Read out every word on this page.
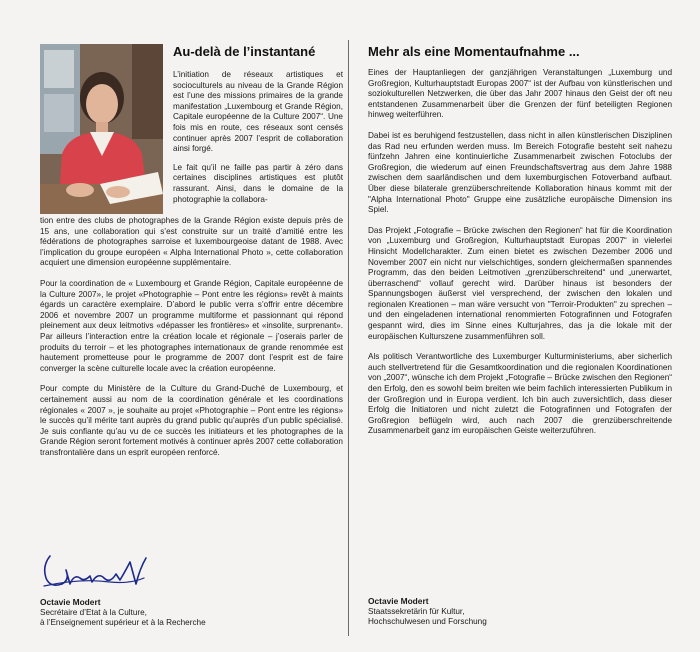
Au-delà de l’instantané

L’initiation de réseaux artistiques et socioculturels au niveau de la Grande Région est l’une des missions primaires de la grande manifestation „Luxembourg et Grande Région, Capitale européenne de la Culture 2007“. Une fois mis en route, ces réseaux sont censés continuer après 2007 l’esprit de collaboration ainsi forgé.

Le fait qu’il ne faille pas partir à zéro dans certaines disciplines artistiques est plutôt rassurant. Ainsi, dans le domaine de la photographie la collabora-

tion entre des clubs de photographes de la Grande Région existe depuis près de 15 ans, une collaboration qui s’est construite sur un traité d’amitié entre les fédérations de photographes sarroise et luxembourgeoise datant de 1988. Avec l’implication du groupe européen « Alpha International Photo », cette collaboration acquiert une dimension européenne supplémentaire.

Pour la coordination de « Luxembourg et Grande Région, Capitale européenne de la Culture 2007», le projet «Photographie – Pont entre les régions» revêt à maints égards un caractère exemplaire. D’abord le public verra s’offrir entre décembre 2006 et novembre 2007 un programme multiforme et passionnant qui répond pleinement aux deux leitmotivs «dépasser les frontières» et «insolite, surprenant». Par ailleurs l’interaction entre la création locale et régionale – j’oserais parler de produits du terroir – et les photographes internationaux de grande renommée est hautement prometteuse pour le programme de 2007 dont l’esprit est de faire converger la scène culturelle locale avec la création européenne.

Pour compte du Ministère de la Culture du Grand-Duché de Luxembourg, et certainement aussi au nom de la coordination générale et les coordinations régionales « 2007 », je souhaite au projet «Photographie – Pont entre les régions» le succès qu’il mérite tant auprès du grand public qu’auprès d’un public spécialisé. Je suis confiante qu’au vu de ce succès les initiateurs et les photographes de la Grande Région seront fortement motivés à continuer après 2007 cette collaboration transfrontalière dans un esprit européen renforcé.

Octavie Modert
Secrétaire d’Etat à la Culture,
à l’Enseignement supérieur et à la Recherche
Mehr als eine Momentaufnahme ...

Eines der Hauptanliegen der ganzjährigen Veranstaltungen „Luxemburg und Großregion, Kulturhauptstadt Europas 2007“ ist der Aufbau von künstlerischen und soziokulturellen Netzwerken, die über das Jahr 2007 hinaus den Geist der oft neu entstandenen Zusammenarbeit über die Grenzen der fünf beteiligten Regionen hinweg weiterführen.

Dabei ist es beruhigend festzustellen, dass nicht in allen künstlerischen Disziplinen das Rad neu erfunden werden muss. Im Bereich Fotografie besteht seit nahezu fünfzehn Jahren eine kontinuierliche Zusammenarbeit zwischen Fotoclubs der Großregion, die wiederum auf einen Freundschaftsvertrag aus dem Jahre 1988 zwischen dem saarländischen und dem luxemburgischen Fotoverband aufbaut. Über diese bilaterale grenzüberschreitende Kollaboration hinaus kommt mit der "Alpha International Photo" Gruppe eine zusätzliche europäische Dimension ins Spiel.

Das Projekt „Fotografie – Brücke zwischen den Regionen“ hat für die Koordination von „Luxemburg und Großregion, Kulturhauptstadt Europas 2007“ in vielerlei Hinsicht Modellcharakter. Zum einen bietet es zwischen Dezember 2006 und November 2007 ein nicht nur vielschichtiges, sondern gleichermaßen spannendes Programm, das den beiden Leitmotiven „grenzüberschreitend“ und „unerwartet, überraschend“ vollauf gerecht wird. Darüber hinaus ist besonders der Spannungsbogen äußerst viel versprechend, der zwischen den lokalen und regionalen Kreationen – man wäre versucht von "Terroir-Produkten" zu sprechen – und den eingeladenen international renommierten Fotografinnen und Fotografen gespannt wird, dies im Sinne eines Kulturjahres, das ja die lokale mit der europäischen Kulturszene zusammenführen soll.

Als politisch Verantwortliche des Luxemburger Kulturministeriums, aber sicherlich auch stellvertretend für die Gesamtkoordination und die regionalen Koordinationen von „2007“, wünsche ich dem Projekt „Fotografie – Brücke zwischen den Regionen“ den Erfolg, den es sowohl beim breiten wie beim fachlich interessierten Publikum in der Großregion und in Europa verdient. Ich bin auch zuversichtlich, dass dieser Erfolg die Initiatoren und nicht zuletzt die Fotografinnen und Fotografen der Großregion beflügeln wird, auch nach 2007 die grenzüberschreitende Zusammenarbeit ganz im europäischen Geiste weiterzuführen.

Octavie Modert
Staatssekretärin für Kultur,
Hochschulwesen und Forschung
